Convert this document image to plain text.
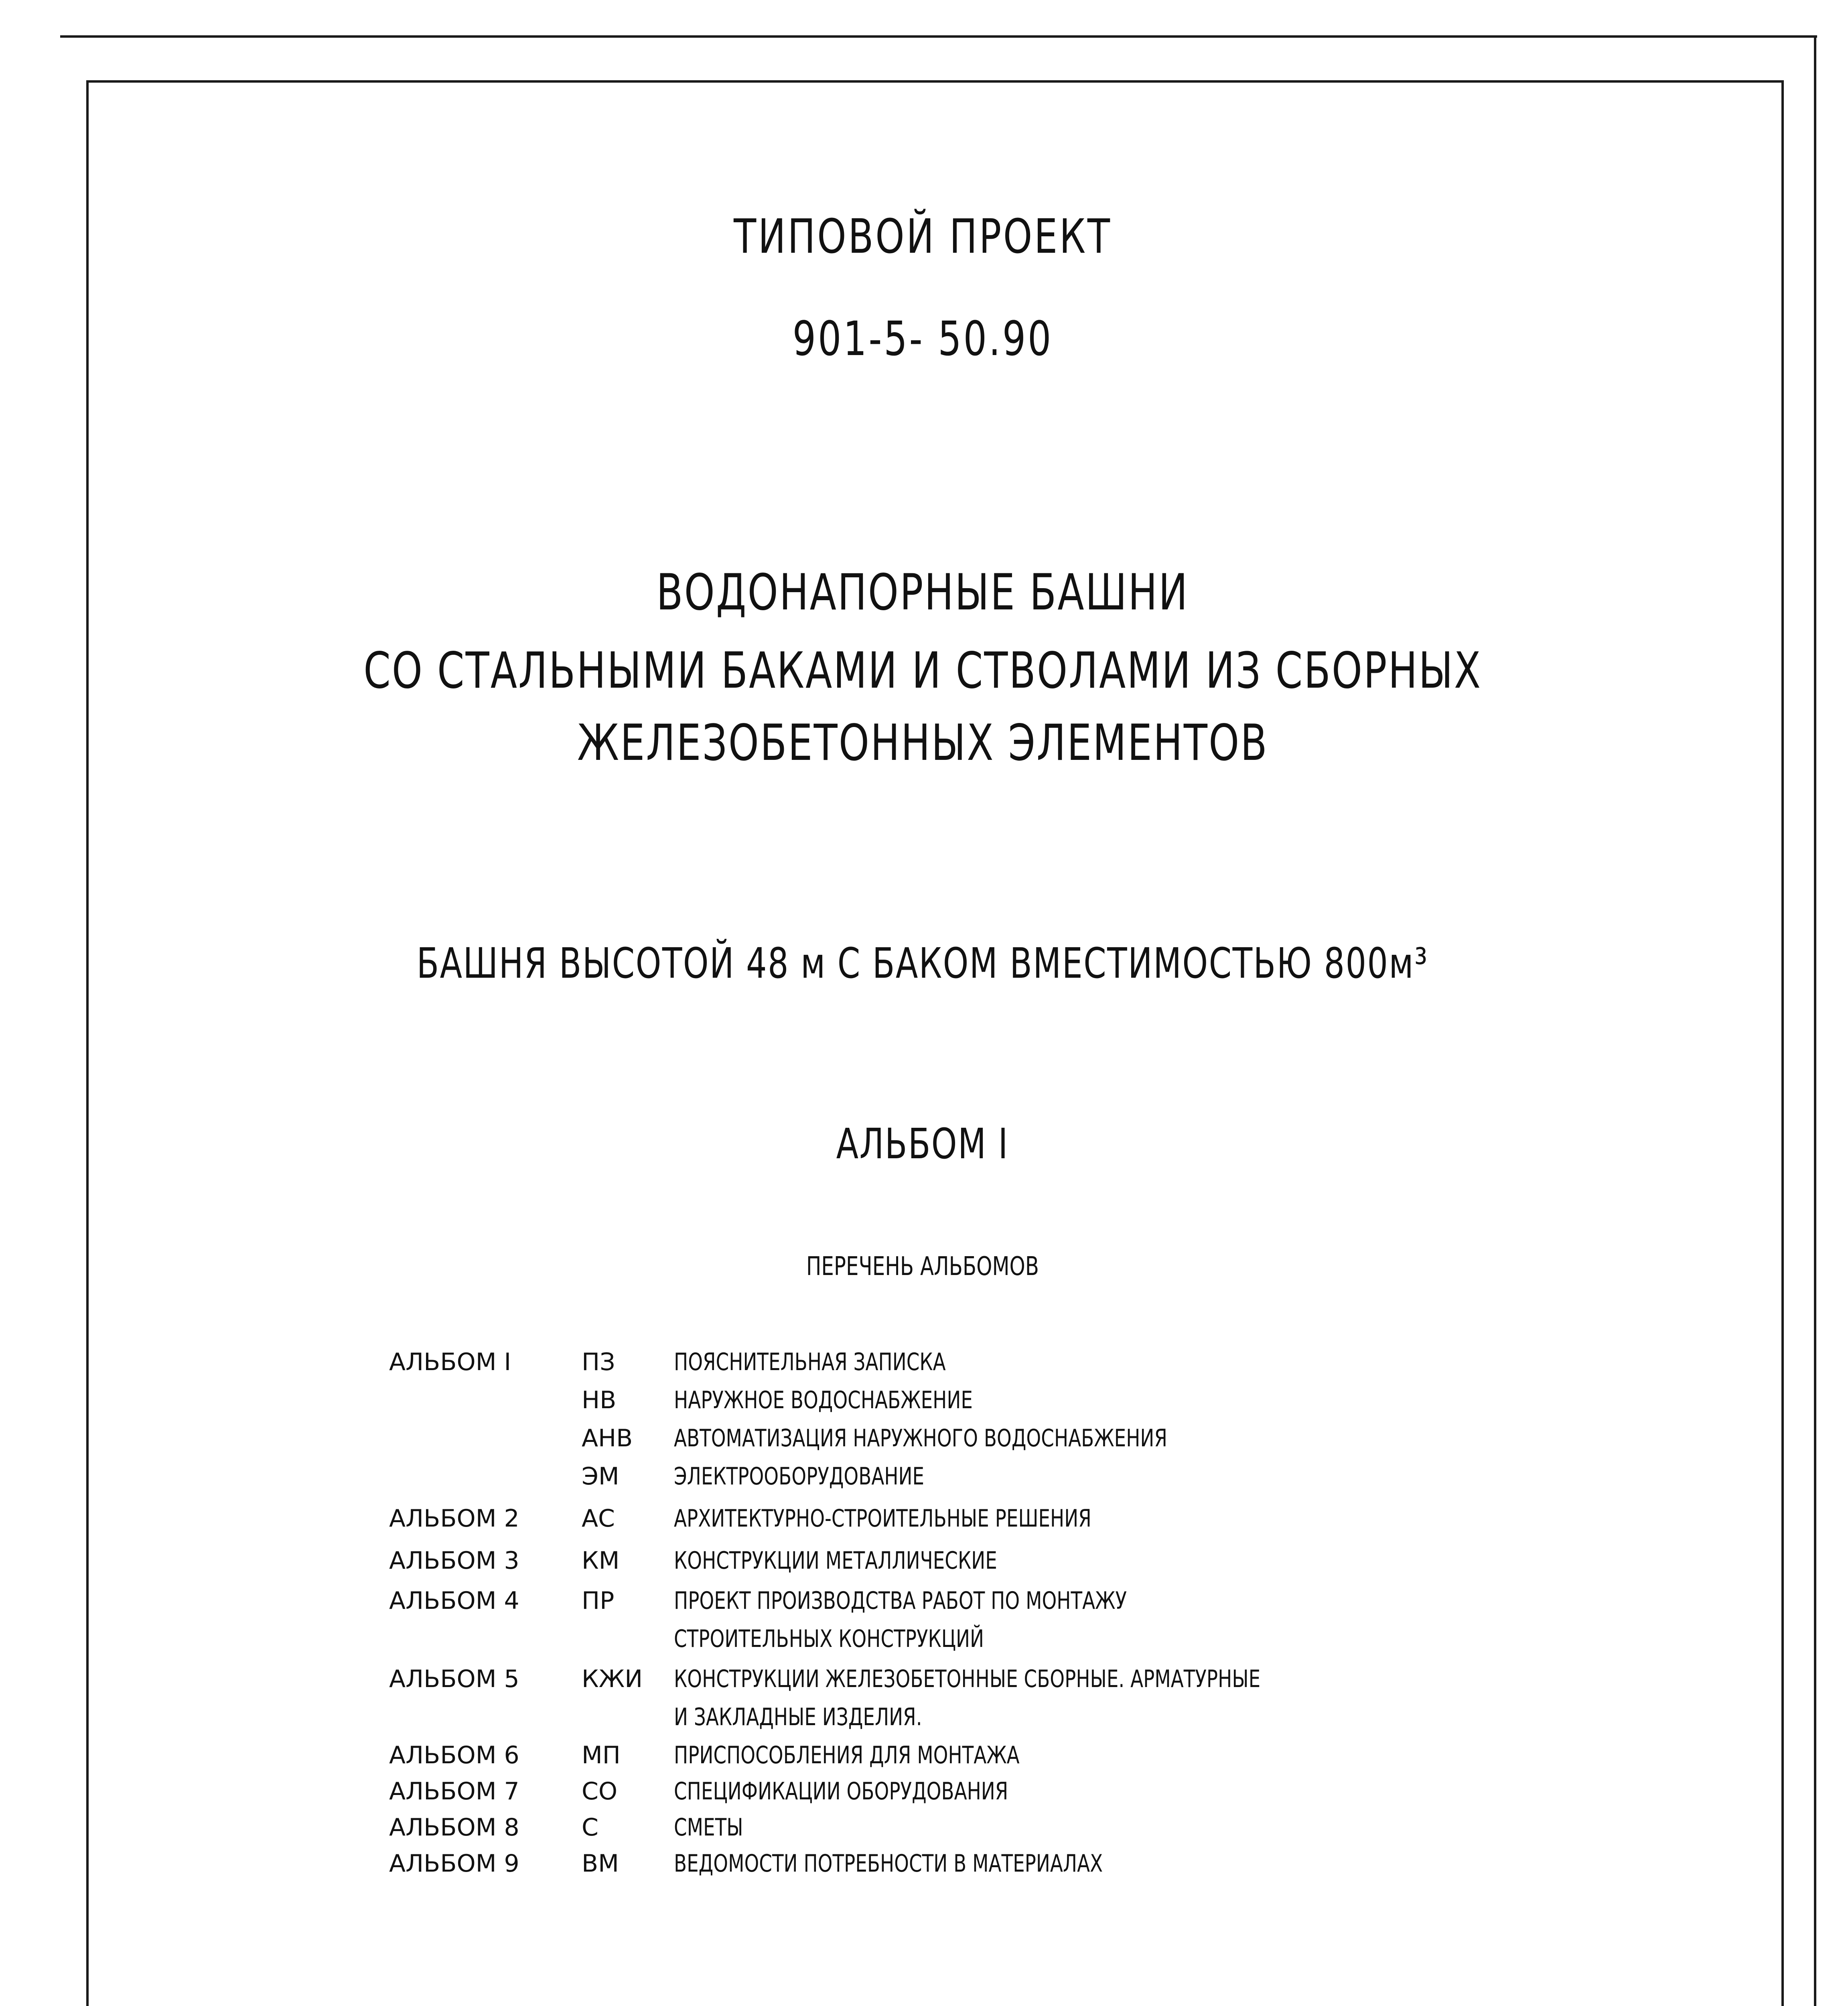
ТИПОВОЙ ПРОЕКТ
901-5- 50.90
ВОДОНАПОРНЫЕ БАШНИ
СО СТАЛЬНЫМИ БАКАМИ И СТВОЛАМИ ИЗ СБОРНЫХ
ЖЕЛЕЗОБЕТОННЫХ ЭЛЕМЕНТОВ
БАШНЯ ВЫСОТОЙ 48 м С БАКОМ ВМЕСТИМОСТЬЮ 800м³
АЛЬБОМ I
ПЕРЕЧЕНЬ АЛЬБОМОВ
АЛЬБОМ I	ПЗ ПОЯСНИТЕЛЬНАЯ ЗАПИСКА
НВ НАРУЖНОЕ ВОДОСНАБЖЕНИЕ
АНВ АВТОМАТИЗАЦИЯ НАРУЖНОГО ВОДОСНАБЖЕНИЯ
ЭМ ЭЛЕКТРООБОРУДОВАНИЕ
АЛЬБОМ 2	АС АРХИТЕКТУРНО-СТРОИТЕЛЬНЫЕ РЕШЕНИЯ
АЛЬБОМ 3	КМ КОНСТРУКЦИИ МЕТАЛЛИЧЕСКИЕ
АЛЬБОМ 4	ПР ПРОЕКТ ПРОИЗВОДСТВА РАБОТ ПО МОНТАЖУ
СТРОИТЕЛЬНЫХ КОНСТРУКЦИЙ
АЛЬБОМ 5	КЖИ КОНСТРУКЦИИ ЖЕЛЕЗОБЕТОННЫЕ СБОРНЫЕ. АРМАТУРНЫЕ
И ЗАКЛАДНЫЕ ИЗДЕЛИЯ.
АЛЬБОМ 6	МП ПРИСПОСОБЛЕНИЯ ДЛЯ МОНТАЖА
АЛЬБОМ 7	СО СПЕЦИФИКАЦИИ ОБОРУДОВАНИЯ
АЛЬБОМ 8	С	СМЕТЫ
АЛЬБОМ 9	ВМ ВЕДОМОСТИ ПОТРЕБНОСТИ В МАТЕРИАЛАХ
